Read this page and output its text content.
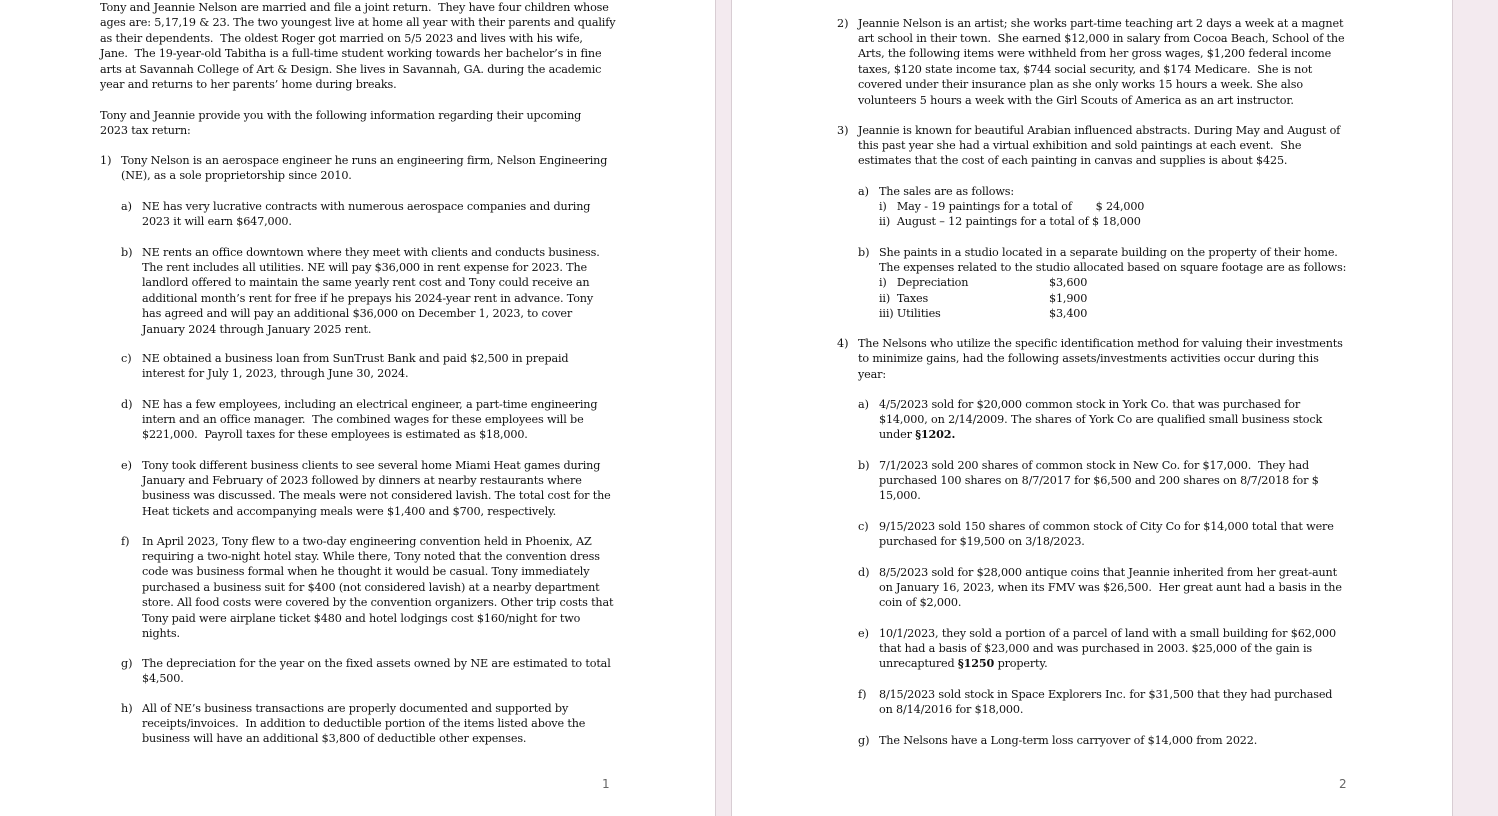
Tony and Jeannie Nelson are married and file a joint return.  They have four children whose
ages are: 5,17,19 & 23. The two youngest live at home all year with their parents and qualify
as their dependents.  The oldest Roger got married on 5/5 2023 and lives with his wife,
Jane.  The 19-year-old Tabitha is a full-time student working towards her bachelor’s in fine
arts at Savannah College of Art & Design. She lives in Savannah, GA. during the academic
year and returns to her parents’ home during breaks.
Tony and Jeannie provide you with the following information regarding their upcoming
2023 tax return:
1) Tony Nelson is an aerospace engineer he runs an engineering firm, Nelson Engineering
(NE), as a sole proprietorship since 2010.
a) NE has very lucrative contracts with numerous aerospace companies and during
2023 it will earn $647,000.
b) NE rents an office downtown where they meet with clients and conducts business.
The rent includes all utilities. NE will pay $36,000 in rent expense for 2023. The
landlord offered to maintain the same yearly rent cost and Tony could receive an
additional month’s rent for free if he prepays his 2024-year rent in advance. Tony
has agreed and will pay an additional $36,000 on December 1, 2023, to cover
January 2024 through January 2025 rent.
c) NE obtained a business loan from SunTrust Bank and paid $2,500 in prepaid
interest for July 1, 2023, through June 30, 2024.
d) NE has a few employees, including an electrical engineer, a part-time engineering
intern and an office manager.  The combined wages for these employees will be
$221,000.  Payroll taxes for these employees is estimated as $18,000.
e) Tony took different business clients to see several home Miami Heat games during
January and February of 2023 followed by dinners at nearby restaurants where
business was discussed. The meals were not considered lavish. The total cost for the
Heat tickets and accompanying meals were $1,400 and $700, respectively.
f) In April 2023, Tony flew to a two-day engineering convention held in Phoenix, AZ
requiring a two-night hotel stay. While there, Tony noted that the convention dress
code was business formal when he thought it would be casual. Tony immediately
purchased a business suit for $400 (not considered lavish) at a nearby department
store. All food costs were covered by the convention organizers. Other trip costs that
Tony paid were airplane ticket $480 and hotel lodgings cost $160/night for two
nights.
g) The depreciation for the year on the fixed assets owned by NE are estimated to total
$4,500.
h) All of NE’s business transactions are properly documented and supported by
receipts/invoices.  In addition to deductible portion of the items listed above the
business will have an additional $3,800 of deductible other expenses.
1
2) Jeannie Nelson is an artist; she works part-time teaching art 2 days a week at a magnet
art school in their town.  She earned $12,000 in salary from Cocoa Beach, School of the
Arts, the following items were withheld from her gross wages, $1,200 federal income
taxes, $120 state income tax, $744 social security, and $174 Medicare.  She is not
covered under their insurance plan as she only works 15 hours a week. She also
volunteers 5 hours a week with the Girl Scouts of America as an art instructor.
3) Jeannie is known for beautiful Arabian influenced abstracts. During May and August of
this past year she had a virtual exhibition and sold paintings at each event.  She
estimates that the cost of each painting in canvas and supplies is about $425.
a) The sales are as follows:
i)   May - 19 paintings for a total of       $ 24,000
ii)  August – 12 paintings for a total of $ 18,000
b) She paints in a studio located in a separate building on the property of their home.
The expenses related to the studio allocated based on square footage are as follows:
i)   Depreciation	$3,600
ii)  Taxes	$1,900
iii) Utilities	$3,400
4) The Nelsons who utilize the specific identification method for valuing their investments
to minimize gains, had the following assets/investments activities occur during this
year:
a) 4/5/2023 sold for $20,000 common stock in York Co. that was purchased for
$14,000, on 2/14/2009. The shares of York Co are qualified small business stock
under §1202.
b) 7/1/2023 sold 200 shares of common stock in New Co. for $17,000.  They had
purchased 100 shares on 8/7/2017 for $6,500 and 200 shares on 8/7/2018 for $
15,000.
c) 9/15/2023 sold 150 shares of common stock of City Co for $14,000 total that were
purchased for $19,500 on 3/18/2023.
d) 8/5/2023 sold for $28,000 antique coins that Jeannie inherited from her great-aunt
on January 16, 2023, when its FMV was $26,500.  Her great aunt had a basis in the
coin of $2,000.
e) 10/1/2023, they sold a portion of a parcel of land with a small building for $62,000
that had a basis of $23,000 and was purchased in 2003. $25,000 of the gain is
unrecaptured §1250 property.
f) 8/15/2023 sold stock in Space Explorers Inc. for $31,500 that they had purchased
on 8/14/2016 for $18,000.
g) The Nelsons have a Long-term loss carryover of $14,000 from 2022.
2
